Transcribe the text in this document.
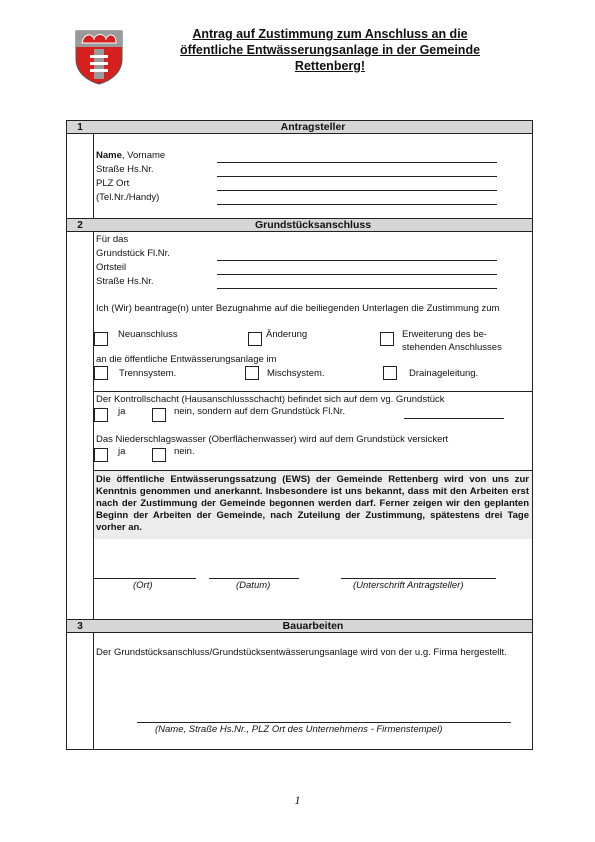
Antrag auf Zustimmung zum Anschluss an die
öffentliche Entwässerungsanlage in der Gemeinde
Rettenberg!
1	Antragsteller
Name, Vorname
Straße Hs.Nr.
PLZ Ort
(Tel.Nr./Handy)
2	Grundstücksanschluss
Für das
Grundstück Fl.Nr.
Ortsteil
Straße Hs.Nr.
Ich (Wir) beantrage(n) unter Bezugnahme auf die beiliegenden Unterlagen die Zustimmung zum
Neuanschluss	Änderung	Erweiterung des be-
stehenden Anschlusses
an die öffentliche Entwässerungsanlage im
Trennsystem.	Mischsystem.	Drainageleitung.
Der Kontrollschacht (Hausanschlussschacht) befindet sich auf dem vg. Grundstück
ja	nein, sondern auf dem Grundstück Fl.Nr.
Das Niederschlagswasser (Oberflächenwasser) wird auf dem Grundstück versickert
ja	nein.
Die öffentliche Entwässerungssatzung (EWS) der Gemeinde Rettenberg wird von uns zur Kenntnis genommen und anerkannt. Insbesondere ist uns bekannt, dass mit den Arbeiten erst nach der Zustimmung der Gemeinde begonnen werden darf. Ferner zeigen wir den geplanten Beginn der Arbeiten der Gemeinde, nach Zuteilung der Zustimmung, spätestens drei Tage vorher an.
(Ort)	(Datum)	(Unterschrift Antragsteller)
3	Bauarbeiten
Der Grundstücksanschluss/Grundstücksentwässerungsanlage wird von der u.g. Firma hergestellt.
(Name, Straße Hs.Nr., PLZ Ort des Unternehmens - Firmenstempel)
1
